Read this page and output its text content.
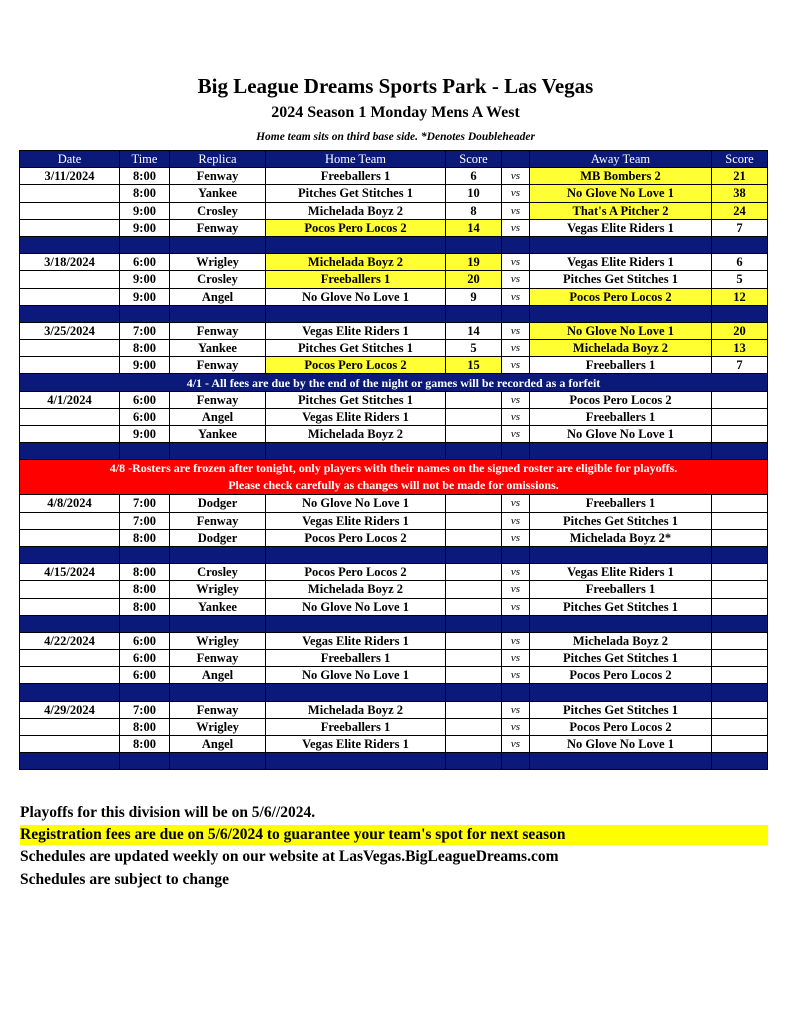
Big League Dreams Sports Park - Las Vegas
2024 Season 1 Monday Mens A West
Home team sits on third base side. *Denotes Doubleheader
Date	Time	Replica	Home Team	Score		Away Team	Score
3/11/2024	8:00	Fenway	Freeballers 1	6	vs	MB Bombers 2	21
	8:00	Yankee	Pitches Get Stitches 1	10	vs	No Glove No Love 1	38
	9:00	Crosley	Michelada Boyz 2	8	vs	That's A Pitcher 2	24
	9:00	Fenway	Pocos Pero Locos 2	14	vs	Vegas Elite Riders 1	7

3/18/2024	6:00	Wrigley	Michelada Boyz 2	19	vs	Vegas Elite Riders 1	6
	9:00	Crosley	Freeballers 1	20	vs	Pitches Get Stitches 1	5
	9:00	Angel	No Glove No Love 1	9	vs	Pocos Pero Locos 2	12

3/25/2024	7:00	Fenway	Vegas Elite Riders 1	14	vs	No Glove No Love 1	20
	8:00	Yankee	Pitches Get Stitches 1	5	vs	Michelada Boyz 2	13
	9:00	Fenway	Pocos Pero Locos 2	15	vs	Freeballers 1	7
4/1 - All fees are due by the end of the night or games will be recorded as a forfeit							
4/1/2024	6:00	Fenway	Pitches Get Stitches 1		vs	Pocos Pero Locos 2	
	6:00	Angel	Vegas Elite Riders 1		vs	Freeballers 1	
	9:00	Yankee	Michelada Boyz 2		vs	No Glove No Love 1	

4/8 -Rosters are frozen after tonight, only players with their names on the signed roster are eligible for playoffs.
Please check carefully as changes will not be made for omissions.							

4/8/2024	7:00	Dodger	No Glove No Love 1		vs	Freeballers 1	
	7:00	Fenway	Vegas Elite Riders 1		vs	Pitches Get Stitches 1	
	8:00	Dodger	Pocos Pero Locos 2		vs	Michelada Boyz 2*	

4/15/2024	8:00	Crosley	Pocos Pero Locos 2		vs	Vegas Elite Riders 1	
	8:00	Wrigley	Michelada Boyz 2		vs	Freeballers 1	
	8:00	Yankee	No Glove No Love 1		vs	Pitches Get Stitches 1	

4/22/2024	6:00	Wrigley	Vegas Elite Riders 1		vs	Michelada Boyz 2	
	6:00	Fenway	Freeballers 1		vs	Pitches Get Stitches 1	
	6:00	Angel	No Glove No Love 1		vs	Pocos Pero Locos 2	

4/29/2024	7:00	Fenway	Michelada Boyz 2		vs	Pitches Get Stitches 1	
	8:00	Wrigley	Freeballers 1		vs	Pocos Pero Locos 2	
	8:00	Angel	Vegas Elite Riders 1		vs	No Glove No Love 1	

Playoffs for this division will be on 5/6//2024.
Registration fees are due on 5/6/2024 to guarantee your team's spot for next season
Schedules are updated weekly on our website at LasVegas.BigLeagueDreams.com
Schedules are subject to change
